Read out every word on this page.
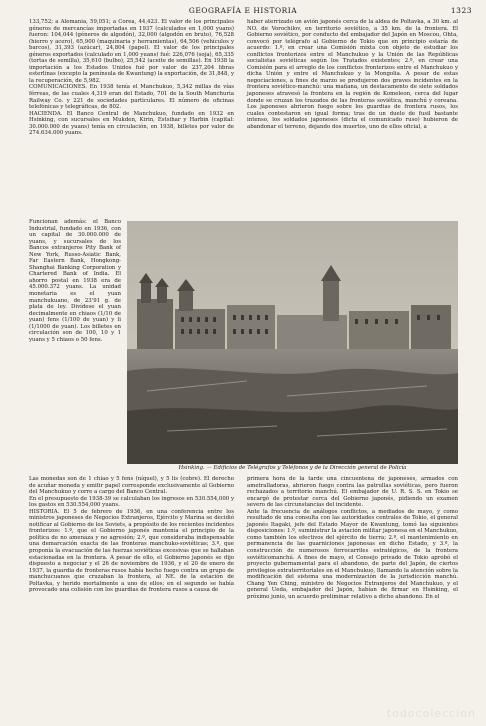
GEOGRAFÍA E HISTORIA	1323

133,752; a Alemania, 59,051; a Corea, 44,423. El valor de los principales géneros de mercancías importadas en 1937 (calculados en 1,000 yuans) fueron: 104,044 (géneros de algodón), 32,000 (algodón en bruto), 76,528 (hierro y acero), 65,900 (maquinaria y herramientas), 64,506 (vehículos y barcos), 31,393 (azúcar), 24,804 (papel). El valor de los principales géneros exportados (calculado en 1,000 yuans) fué: 226,076 (soja), 65,335 (tortas de semilla), 35,610 (bulbo), 25,542 (aceite de semillas). En 1938 la importación a los Estados Unidos fué por valor de 237,204 libras esterlinas (excepto la península de Kwantung) la exportación, de 31,848, y la recuperación, de 5,982.

COMUNICACIONES. En 1938 tenía el Manchukuo, 5,342 millas de vías férreas, de las cuales 4,319 eran del Estado, 701 de la South Manchuria Railway Co. y 221 de sociedades particulares. El número de oficinas telefónicas y telegráficas, de 802.

HACIENDA. El Banco Central de Manchukuo, fundado en 1932 en Hsinking, con sucursales en Mukden, Kirin, Estsihar y Harbin (capital: 30.000.000 de yuans) tenía en circulación, en 1938, billetes por valor de 274.634.000 yuans.

haber aterrizado un avión japonés cerca de la aldea de Poltavka, a 30 km. al NO. de Vorochilov, en territorio soviético, a 35 km. de la frontera. El Gobierno soviético, por conducto del embajador del Japón en Moscou, Ohta, convocó por telégrafo al Gobierno de Tokio que en principio estaría de acuerdo: 1.º, en crear una Comisión mixta con objeto de estudiar los conflictos fronterizos entre el Manchukuo y la Unión de las Repúblicas socialistas soviéticas según los Tratados existentes; 2.º, en crear una Comisión para el arreglo de los conflictos fronterizos entre el Manchukuo y dicha Unión y entre el Manchukuo y la Mongolia. A pesar de estas negociaciones, a fines de marzo se produjeron dos graves incidentes en la frontera soviético-manchú: una mañana, un destacamento de siete soldados japoneses atravesó la frontera en la región de Komeleon, cerca del lugar donde se cruzan los trazados de las fronteras soviética, manchú y coreana. Los japoneses abrieron fuego sobre los guardias de frontera rusos, los cuales contestaron en igual forma; tras de un duelo de fusil bastante intenso, los soldados japoneses (dicta el comunicado ruso) hubieron de abandonar el terreno, dejando dos muertos, uno de ellos oficial, a

Funcionan además: el Banco Industrial, fundado en 1936, con un capital de 30.000.000 de yuans, y sucursales de los Bancos extranjeros Pity Bank of New York, Russo-Asiatic Bank, Far Eastern Bank, Hongkong-Shanghai Banking Corporation y Chartered Bank of India. El ahorro postal en 1938 era de 45.000.372 yuans. La unidad monetaria es el yuan manchukuano, de 23'91 g. de plata de ley. Divídese el yuan decimalmente en chiaos (1/10 de yuan) fens (1/100 de yuan) y li (1/1000 de yuan). Los billetes en circulación son de 100, 10 y 1 yuans y 5 chiaos o 50 fens.

Hsinking. — Edificios de Telégrafos y Teléfonos y de la Dirección general de Policía

Las monedas son de 1 chiao y 5 fens (níquel), y 5 lis (cobre). El derecho de acuñar moneda y emitir papel corresponde exclusivamente al Gobierno del Manchukuo y corre a cargo del Banco Central.

En el presupuesto de 1938-39 se calculaban los ingresos en 530.554,000 y los gastos en 530.554,000 yuans.

HISTORIA. El 5 de febrero de 1936, en una conferencia entre los ministros japoneses de Negocios Extranjeros, Ejército y Marina se decidió notificar al Gobierno de los Soviets, a propósito de los recientes incidentes fronterizos: 1.º, que el Gobierno japonés mantenía el principio de la política de no amenaza y no agresión; 2.º, que consideraba indispensable una demarcación exacta de las fronteras manchuko-soviéticas; 3.º, que proponía la evacuación de las fuerzas soviéticas excesivas que se hallaban estacionadas en la frontera. A pesar de ello, el Gobierno japonés se dijo dispuesto a negociar y el 26 de noviembre de 1936, y el 20 de enero de 1937, la guardia de fronteras rusos había hecho fuego contra un grupo de manchucuanos que cruzaban la frontera, al NE. de la estación de Poltavka, y herido mortalmente a uno de ellos; en el segundo se había provocado una colisión con los guardias de frontera rusos a causa de

primera hora de la tarde una cincuentena de japoneses, armados con ametralladoras, abrieron fuego contra las patrullas soviéticas, pero fueron rechazados a territorio manchú. El embajador de U. R. S. S. en Tokio se encargó de protestar cerca del Gobierno japonés, pidiendo un examen severo de las circunstancias del incidente.

Ante la frecuencia de análogos conflictos, a mediados de mayo, y como resultado de una consulta con las autoridades centrales de Tokio, el general japonés Itagaki, jefe del Estado Mayor de Kwantung, tomó las siguientes disposiciones: 1.º, suministrar la aviación militar japonesa en el Manchukuo, como también los efectivos del ejército de tierra; 2.º, el mantenimiento en permanencia de las guarniciones japonesas en dicho Estado, y 3.º, la construcción de numerosos ferrocarriles estratégicos, de la frontera soviéticomanchú. A fines de mayo, el Consejo privado de Tokio aprobó el proyecto gubernamental para el abandono, de parte del Japón, de ciertos privilegios extraterritoriales en el Manchukuo, llamando la atención sobre la modificación del sistema una modernización de la jurisdicción manchú. Chang Yen Ching, ministro de Negocios Extranjeros del Manchukuo, y el general Ueda, embajador del Japón, habían de firmar en Hsinking, el próximo junio, un acuerdo preliminar relativo a dicho abandono. En el

todocoleccion
